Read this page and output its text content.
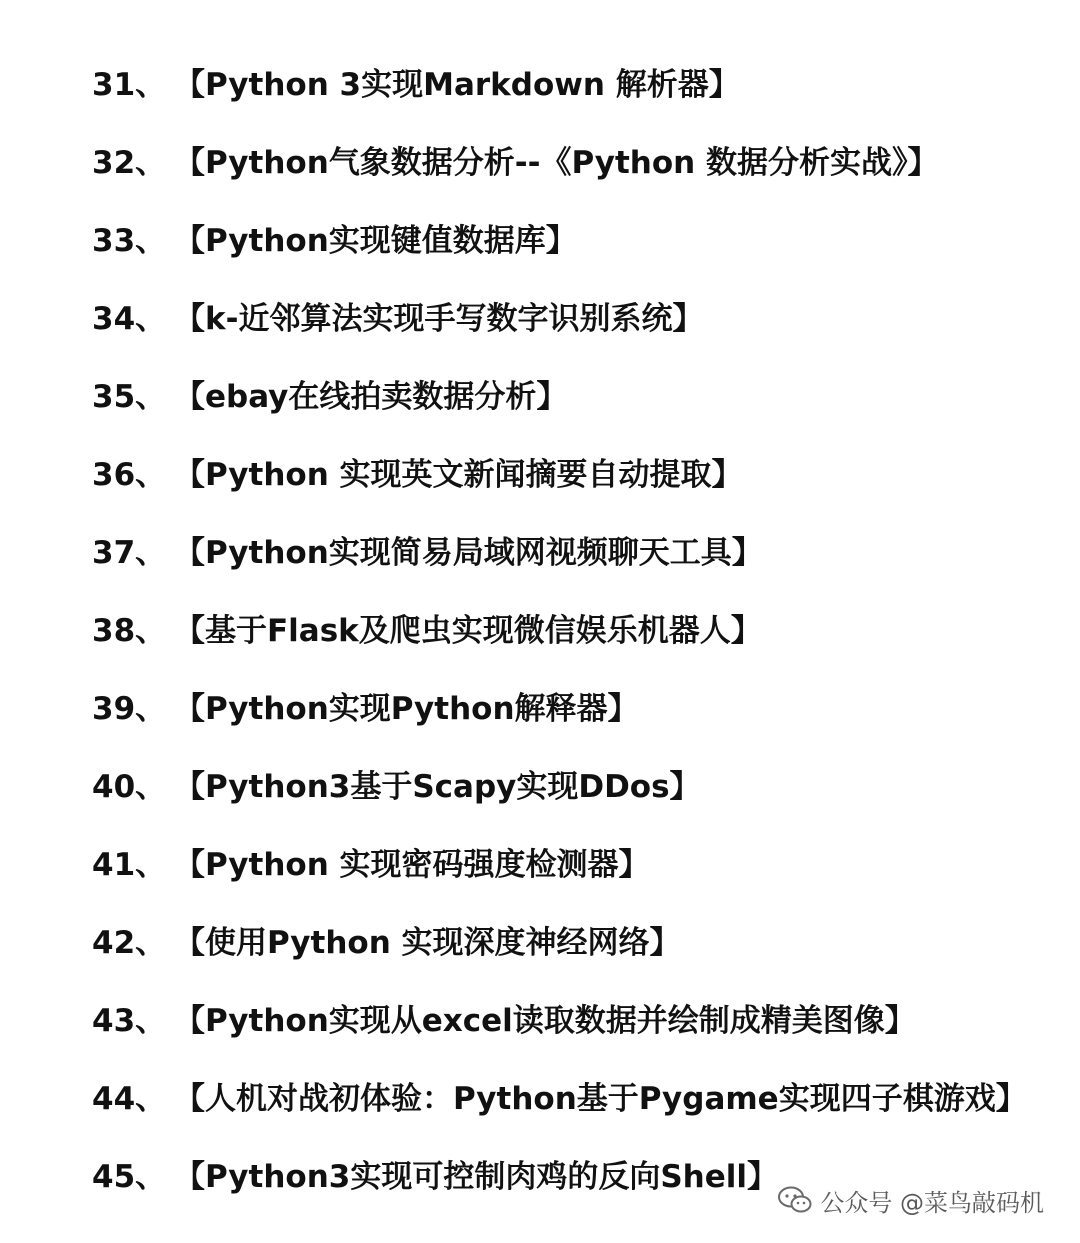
31、 【Python 3实现Markdown 解析器】
32、 【Python气象数据分析--《Python 数据分析实战》】
33、 【Python实现键值数据库】
34、 【k-近邻算法实现手写数字识别系统】
35、 【ebay在线拍卖数据分析】
36、 【Python 实现英文新闻摘要自动提取】
37、 【Python实现简易局域网视频聊天工具】
38、 【基于Flask及爬虫实现微信娱乐机器人】
39、 【Python实现Python解释器】
40、 【Python3基于Scapy实现DDos】
41、 【Python 实现密码强度检测器】
42、 【使用Python 实现深度神经网络】
43、 【Python实现从excel读取数据并绘制成精美图像】
44、 【人机对战初体验：Python基于Pygame实现四子棋游戏】
45、 【Python3实现可控制肉鸡的反向Shell】
公众号 @菜鸟敲码机
